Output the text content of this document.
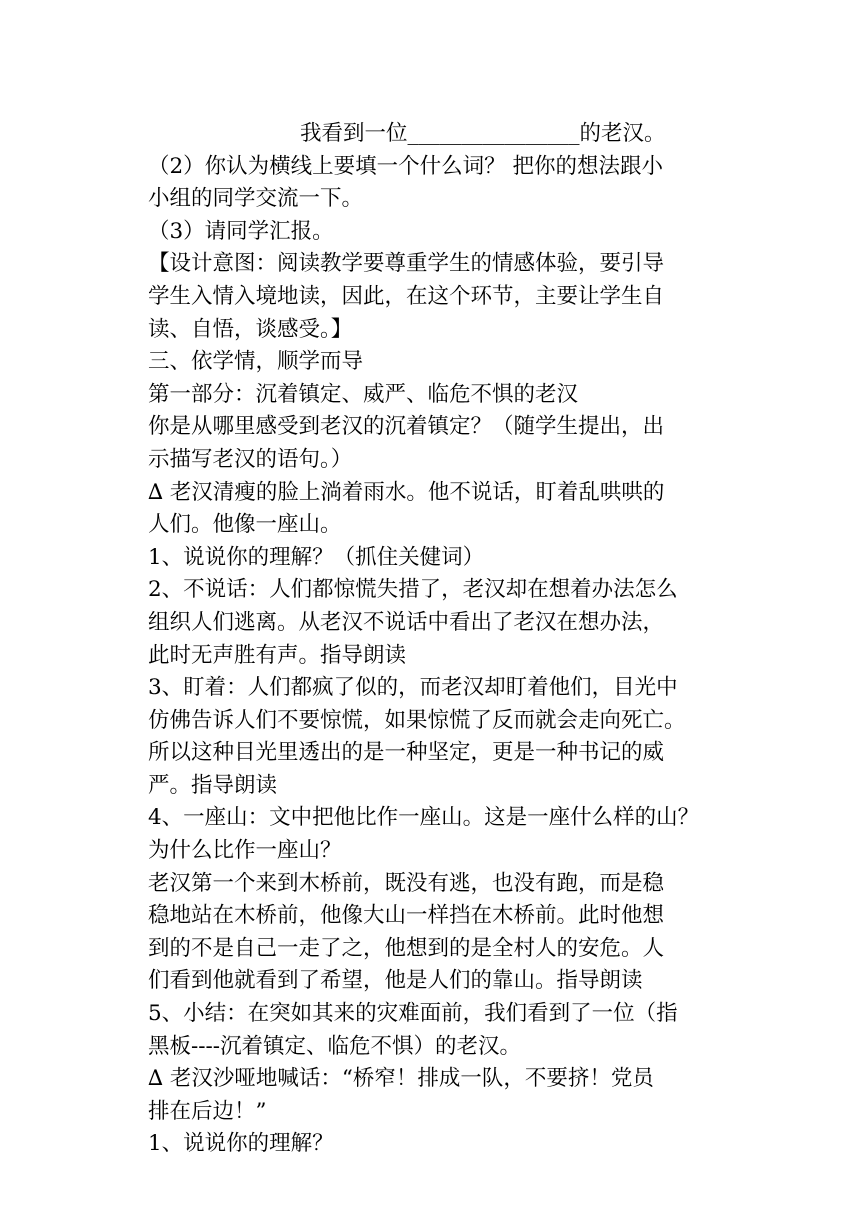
我看到一位________________的老汉。
（2）你认为横线上要填一个什么词？ 把你的想法跟小
小组的同学交流一下。
（3）请同学汇报。
【设计意图：阅读教学要尊重学生的情感体验，要引导
学生入情入境地读，因此，在这个环节，主要让学生自
读、自悟，谈感受。】
三、依学情，顺学而导
第一部分：沉着镇定、威严、临危不惧的老汉
你是从哪里感受到老汉的沉着镇定？（随学生提出，出
示描写老汉的语句。）
∆ 老汉清瘦的脸上淌着雨水。他不说话，盯着乱哄哄的
人们。他像一座山。
1、说说你的理解？（抓住关健词）
2、不说话：人们都惊慌失措了，老汉却在想着办法怎么
组织人们逃离。从老汉不说话中看出了老汉在想办法，
此时无声胜有声。指导朗读
3、盯着：人们都疯了似的，而老汉却盯着他们，目光中
仿佛告诉人们不要惊慌，如果惊慌了反而就会走向死亡。
所以这种目光里透出的是一种坚定，更是一种书记的威
严。指导朗读
4、一座山：文中把他比作一座山。这是一座什么样的山？
为什么比作一座山？
老汉第一个来到木桥前，既没有逃，也没有跑，而是稳
稳地站在木桥前，他像大山一样挡在木桥前。此时他想
到的不是自己一走了之，他想到的是全村人的安危。人
们看到他就看到了希望，他是人们的靠山。指导朗读
5、小结：在突如其来的灾难面前，我们看到了一位（指
黑板----沉着镇定、临危不惧）的老汉。
∆ 老汉沙哑地喊话：“桥窄！排成一队，不要挤！党员
排在后边！”
1、说说你的理解？
